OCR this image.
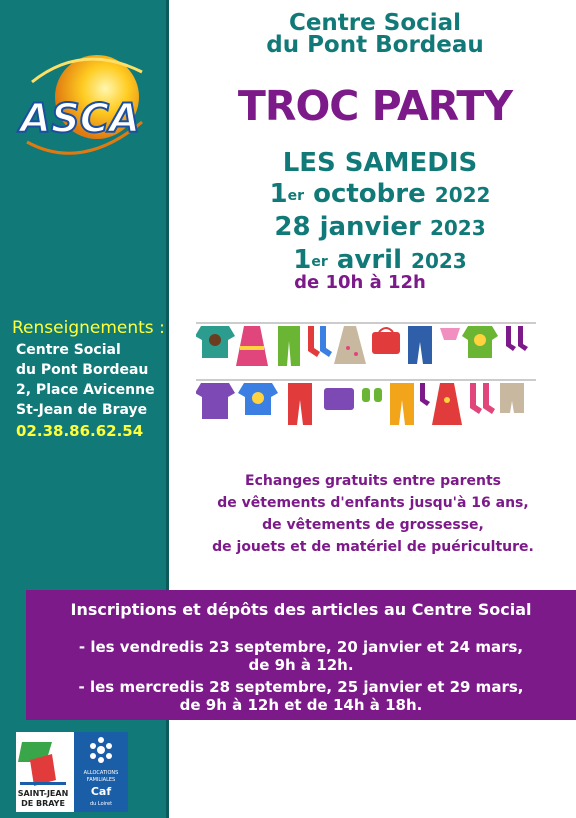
ASCA
Renseignements :
Centre Social
du Pont Bordeau
2, Place Avicenne
St-Jean de Braye
02.38.86.62.54
Centre Social
du Pont Bordeau
TROC PARTY
LES SAMEDIS
1er octobre 2022
28 janvier 2023
1er avril 2023
de 10h à 12h
Echanges gratuits entre parents
de vêtements d'enfants jusqu'à 16 ans,
de vêtements de grossesse,
de jouets et de matériel de puériculture.
Inscriptions et dépôts des articles au Centre Social
- les vendredis 23 septembre, 20 janvier et 24 mars,
de 9h à 12h.
- les mercredis 28 septembre, 25 janvier et 29 mars,
de 9h à 12h et de 14h à 18h.
SAINT-JEAN
DE BRAYE
ALLOCATIONS
FAMILIALES
Caf
du Loiret
